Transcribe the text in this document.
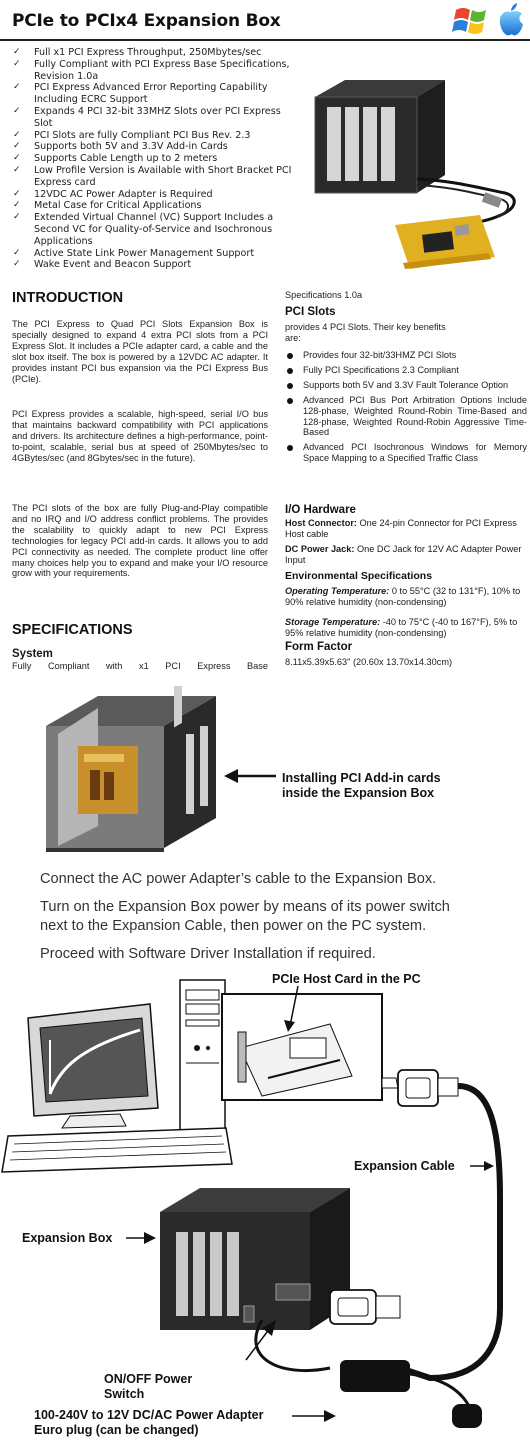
PCIe to PCIx4 Expansion Box
✓ Full x1 PCI Express Throughput, 250Mbytes/sec
✓ Fully Compliant with PCI Express Base Specifications, Revision 1.0a
✓ PCI Express Advanced Error Reporting Capability Including ECRC Support
✓ Expands 4 PCI 32-bit 33MHZ Slots over PCI Express Slot
✓ PCI Slots are fully Compliant PCI Bus Rev. 2.3
✓ Supports both 5V and 3.3V Add-in Cards
✓ Supports Cable Length up to 2 meters
✓ Low Profile Version is Available with Short Bracket PCI Express card
✓ 12VDC AC Power Adapter is Required
✓ Metal Case for Critical Applications
✓ Extended Virtual Channel (VC) Support Includes a Second VC for Quality-of-Service and Isochronous Applications
✓ Active State Link Power Management Support
✓ Wake Event and Beacon Support
INTRODUCTION

The PCI Express to Quad PCI Slots Expansion Box is specially designed to expand 4 extra PCI slots from a PCI Express Slot. It includes a PCIe adapter card, a cable and the slot box itself. The box is powered by a 12VDC AC adapter. It provides instant PCI bus expansion via the PCI Express Bus (PCIe).

PCI Express provides a scalable, high-speed, serial I/O bus that maintains backward compatibility with PCI applications and drivers. Its architecture defines a high-performance, point-to-point, scalable, serial bus at speed of 250Mbytes/sec to 4GBytes/sec (and 8Gbytes/sec in the future).

The PCI slots of the box are fully Plug-and-Play compatible and no IRQ and I/O address conflict problems. The provides the scalability to quickly adapt to new PCI Express technologies for legacy PCI add-in cards. It allows you to add PCI connectivity as needed. The complete product line offer many choices help you to expand and make your I/O resource grow with your requirements.

SPECIFICATIONS
System
Fully Compliant with x1 PCI Express Base
Specifications 1.0a
PCI Slots
provides 4 PCI Slots. Their key benefits are:
Provides four 32-bit/33HMZ PCI Slots
Fully PCI Specifications 2.3 Compliant
Supports both 5V and 3.3V Fault Tolerance Option
Advanced PCI Bus Port Arbitration Options Include 128-phase, Weighted Round-Robin Time-Based and 128-phase, Weighted Round-Robin Aggressive Time-Based
Advanced PCI Isochronous Windows for Memory Space Mapping to a Specified Traffic Class
I/O Hardware
Host Connector: One 24-pin Connector for PCI Express Host cable
DC Power Jack: One DC Jack for 12V AC Adapter Power Input
Environmental Specifications
Operating Temperature: 0 to 55°C (32 to 131°F), 10% to 90% relative humidity (non-condensing)
Storage Temperature: -40 to 75°C (-40 to 167°F), 5% to 95% relative humidity (non-condensing)
Form Factor
8.11x5.39x5.63" (20.60x 13.70x14.30cm)
Installing PCI Add-in cards
inside the Expansion Box
Connect the AC power Adapter’s cable to the Expansion Box.
Turn on the Expansion Box power by means of its power switch
next to the Expansion Cable, then power on the PC system.
Proceed with Software Driver Installation if required.
PCIe Host Card in the PC
Expansion Cable
Expansion Box
ON/OFF Power
Switch
100-240V to 12V DC/AC Power Adapter
Euro plug (can be changed)
